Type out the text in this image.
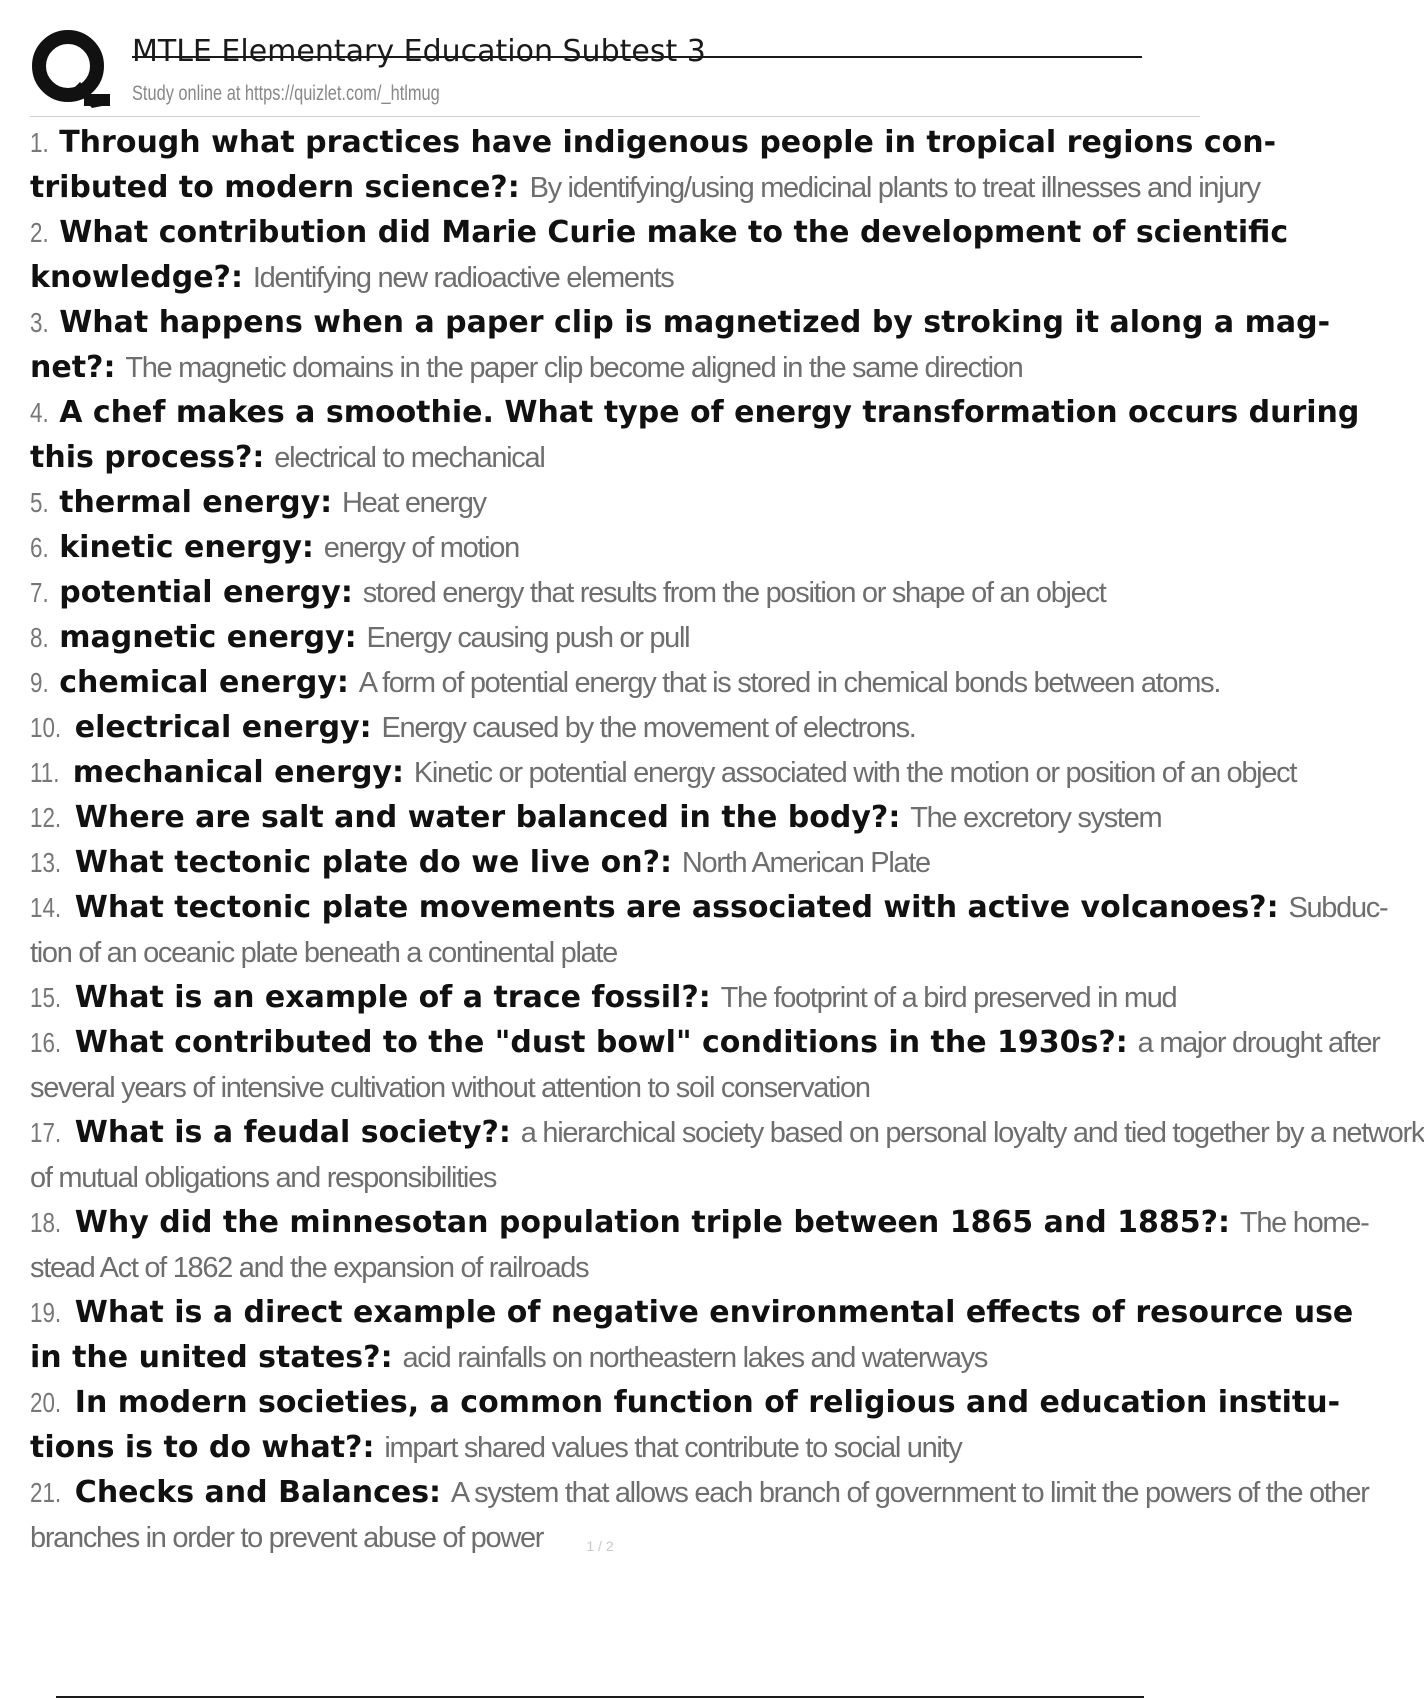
MTLE Elementary Education Subtest 3
Study online at https://quizlet.com/_htlmug

1. Through what practices have indigenous people in tropical regions con-
tributed to modern science?: By identifying/using medicinal plants to treat illnesses and injury

2. What contribution did Marie Curie make to the development of scientific
knowledge?: Identifying new radioactive elements

3. What happens when a paper clip is magnetized by stroking it along a mag-
net?: The magnetic domains in the paper clip become aligned in the same direction

4. A chef makes a smoothie. What type of energy transformation occurs during
this process?: electrical to mechanical

5. thermal energy: Heat energy

6. kinetic energy: energy of motion

7. potential energy: stored energy that results from the position or shape of an object

8. magnetic energy: Energy causing push or pull

9. chemical energy: A form of potential energy that is stored in chemical bonds between atoms.

10. electrical energy: Energy caused by the movement of electrons.

11. mechanical energy: Kinetic or potential energy associated with the motion or position of an object

12. Where are salt and water balanced in the body?: The excretory system

13. What tectonic plate do we live on?: North American Plate

14. What tectonic plate movements are associated with active volcanoes?: Subduc-
tion of an oceanic plate beneath a continental plate

15. What is an example of a trace fossil?: The footprint of a bird preserved in mud

16. What contributed to the "dust bowl" conditions in the 1930s?: a major drought after
several years of intensive cultivation without attention to soil conservation

17. What is a feudal society?: a hierarchical society based on personal loyalty and tied together by a network
of mutual obligations and responsibilities

18. Why did the minnesotan population triple between 1865 and 1885?: The home-
stead Act of 1862 and the expansion of railroads

19. What is a direct example of negative environmental effects of resource use
in the united states?: acid rainfalls on northeastern lakes and waterways

20. In modern societies, a common function of religious and education institu-
tions is to do what?: impart shared values that contribute to social unity

21. Checks and Balances: A system that allows each branch of government to limit the powers of the other
branches in order to prevent abuse of power	1 / 2
